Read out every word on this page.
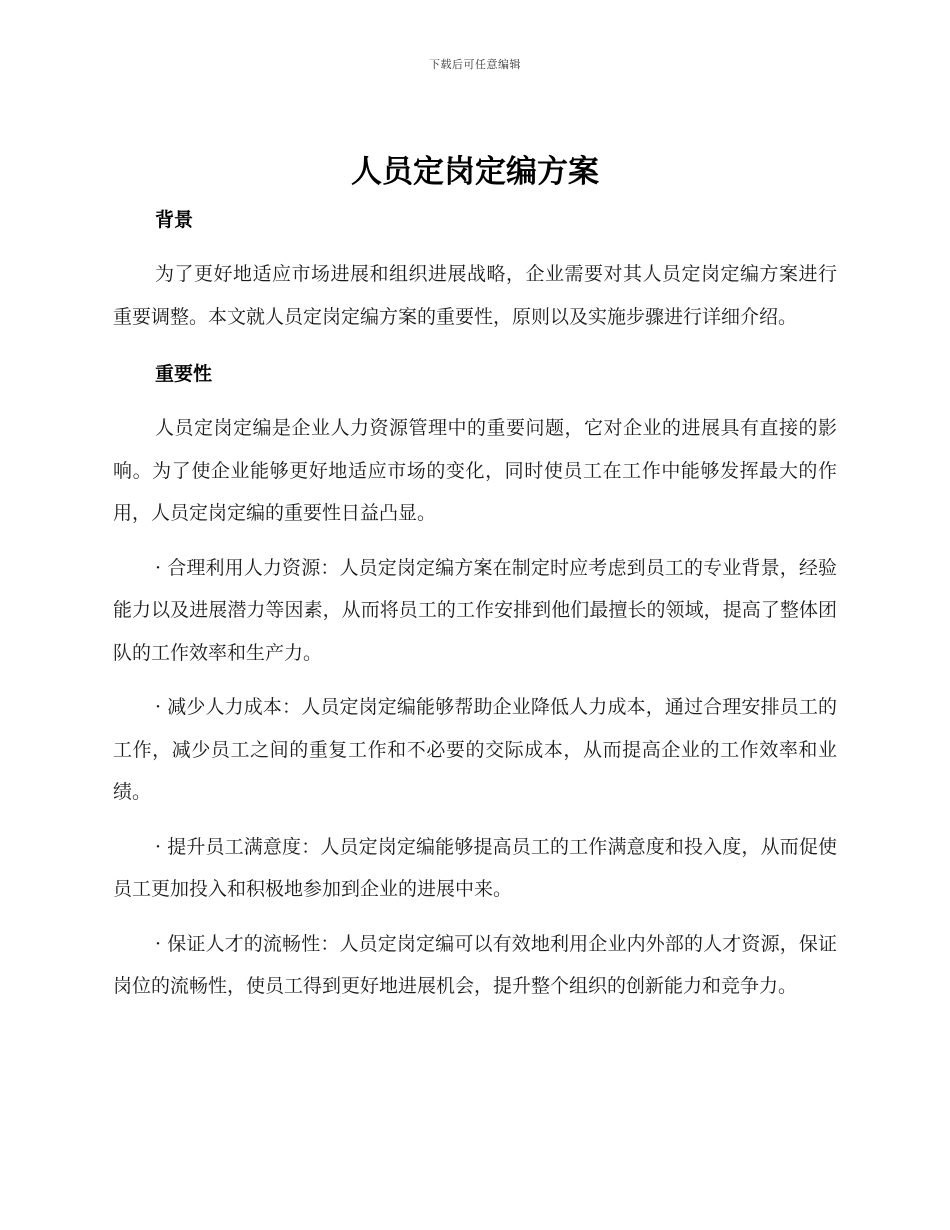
下载后可任意编辑
人员定岗定编方案
背景

为了更好地适应市场进展和组织进展战略，企业需要对其人员定岗定编方案进行重要调整。本文就人员定岗定编方案的重要性，原则以及实施步骤进行详细介绍。

重要性

人员定岗定编是企业人力资源管理中的重要问题，它对企业的进展具有直接的影响。为了使企业能够更好地适应市场的变化，同时使员工在工作中能够发挥最大的作用，人员定岗定编的重要性日益凸显。

· 合理利用人力资源：人员定岗定编方案在制定时应考虑到员工的专业背景，经验能力以及进展潜力等因素，从而将员工的工作安排到他们最擅长的领域，提高了整体团队的工作效率和生产力。

· 减少人力成本：人员定岗定编能够帮助企业降低人力成本，通过合理安排员工的工作，减少员工之间的重复工作和不必要的交际成本，从而提高企业的工作效率和业绩。

· 提升员工满意度：人员定岗定编能够提高员工的工作满意度和投入度，从而促使员工更加投入和积极地参加到企业的进展中来。

· 保证人才的流畅性：人员定岗定编可以有效地利用企业内外部的人才资源，保证岗位的流畅性，使员工得到更好地进展机会，提升整个组织的创新能力和竞争力。
